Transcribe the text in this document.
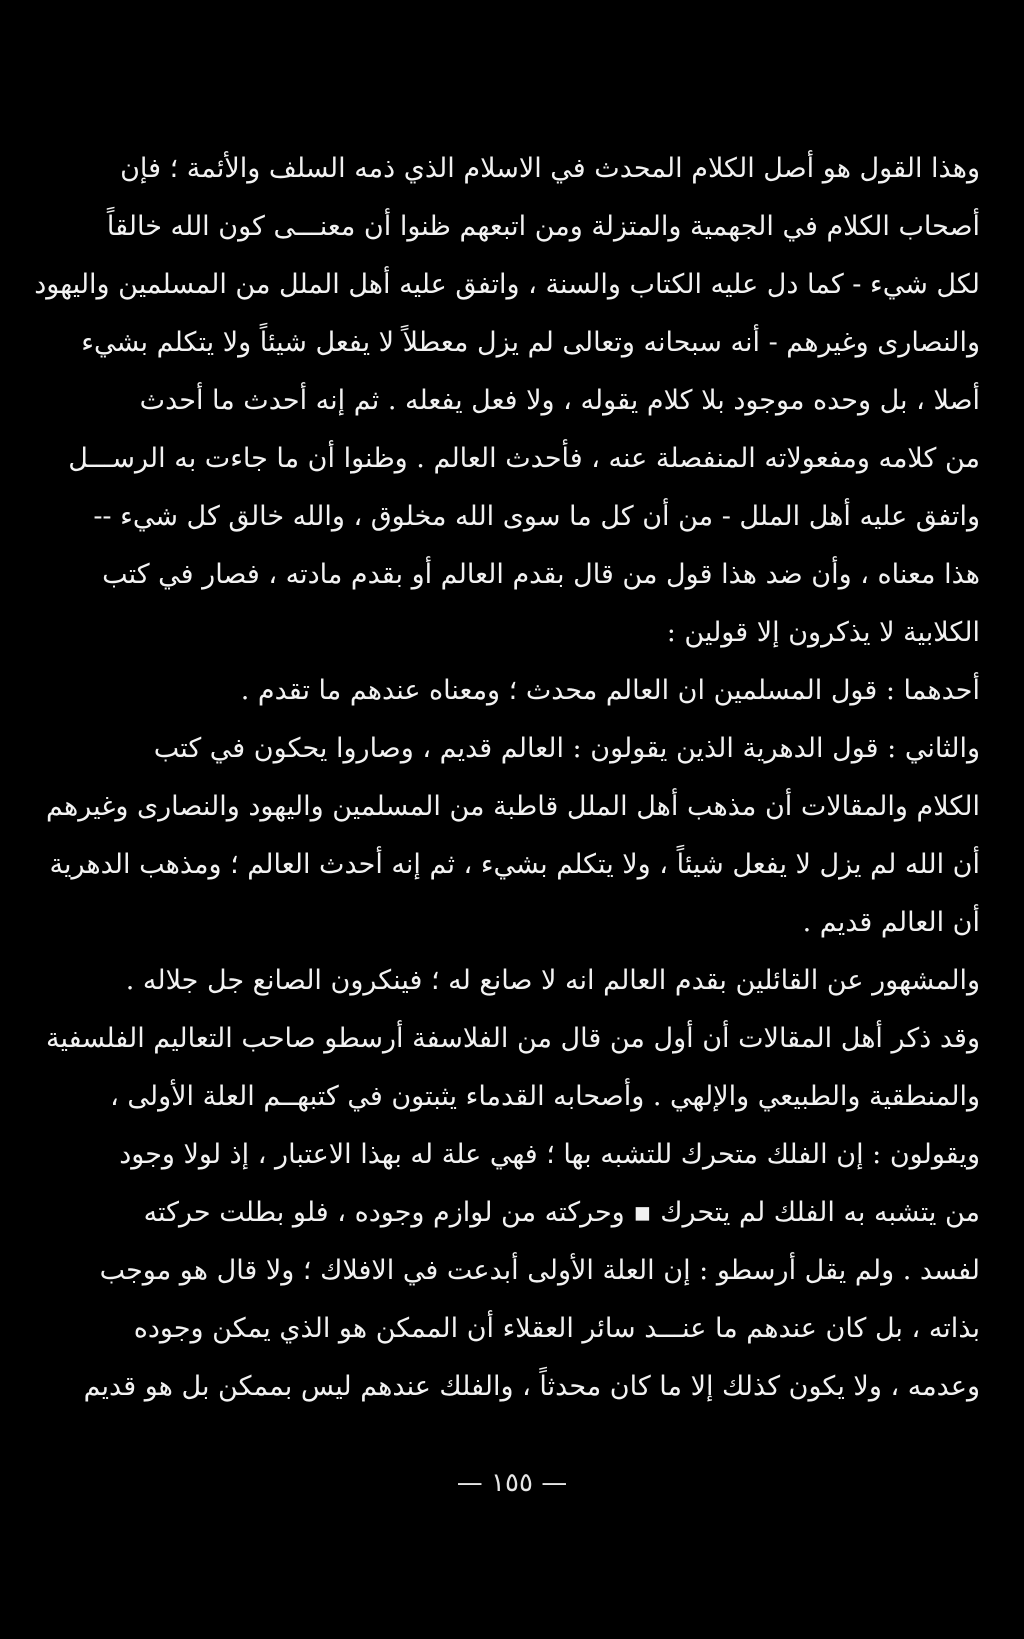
وهذا القول هو أصل الكلام المحدث في الاسلام الذي ذمه السلف والأئمة ؛ فإن
أصحاب الكلام في الجهمية والمتزلة ومن اتبعهم ظنوا أن معنـــى كون الله خالقاً
لكل شيء - كما دل عليه الكتاب والسنة ، واتفق عليه أهل الملل من المسلمين واليهود
والنصارى وغيرهم - أنه سبحانه وتعالى لم يزل معطلاً لا يفعل شيئاً ولا يتكلم بشيء
أصلا ، بل وحده موجود بلا كلام يقوله ، ولا فعل يفعله . ثم إنه أحدث ما أحدث
من كلامه ومفعولاته المنفصلة عنه ، فأحدث العالم . وظنوا أن ما جاءت به الرســـل
واتفق عليه أهل الملل - من أن كل ما سوى الله مخلوق ، والله خالق كل شيء --
هذا معناه ، وأن ضد هذا قول من قال بقدم العالم أو بقدم مادته ، فصار في كتب
الكلابية لا يذكرون إلا قولين :
أحدهما : قول المسلمين ان العالم محدث ؛ ومعناه عندهم ما تقدم .
والثاني : قول الدهرية الذين يقولون : العالم قديم ، وصاروا يحكون في كتب
الكلام والمقالات أن مذهب أهل الملل قاطبة من المسلمين واليهود والنصارى وغيرهم
أن الله لم يزل لا يفعل شيئاً ، ولا يتكلم بشيء ، ثم إنه أحدث العالم ؛ ومذهب الدهرية
أن العالم قديم .
والمشهور عن القائلين بقدم العالم انه لا صانع له ؛ فينكرون الصانع جل جلاله .
وقد ذكر أهل المقالات أن أول من قال من الفلاسفة أرسطو صاحب التعاليم الفلسفية
والمنطقية والطبيعي والإلهي . وأصحابه القدماء يثبتون في كتبهــم العلة الأولى ،
ويقولون : إن الفلك متحرك للتشبه بها ؛ فهي علة له بهذا الاعتبار ، إذ لولا وجود
من يتشبه به الفلك لم يتحرك ▪ وحركته من لوازم وجوده ، فلو بطلت حركته
لفسد . ولم يقل أرسطو : إن العلة الأولى أبدعت في الافلاك ؛ ولا قال هو موجب
بذاته ، بل كان عندهم ما عنـــد سائر العقلاء أن الممكن هو الذي يمكن وجوده
وعدمه ، ولا يكون كذلك إلا ما كان محدثاً ، والفلك عندهم ليس بممكن بل هو قديم
— ١٥٥ —
